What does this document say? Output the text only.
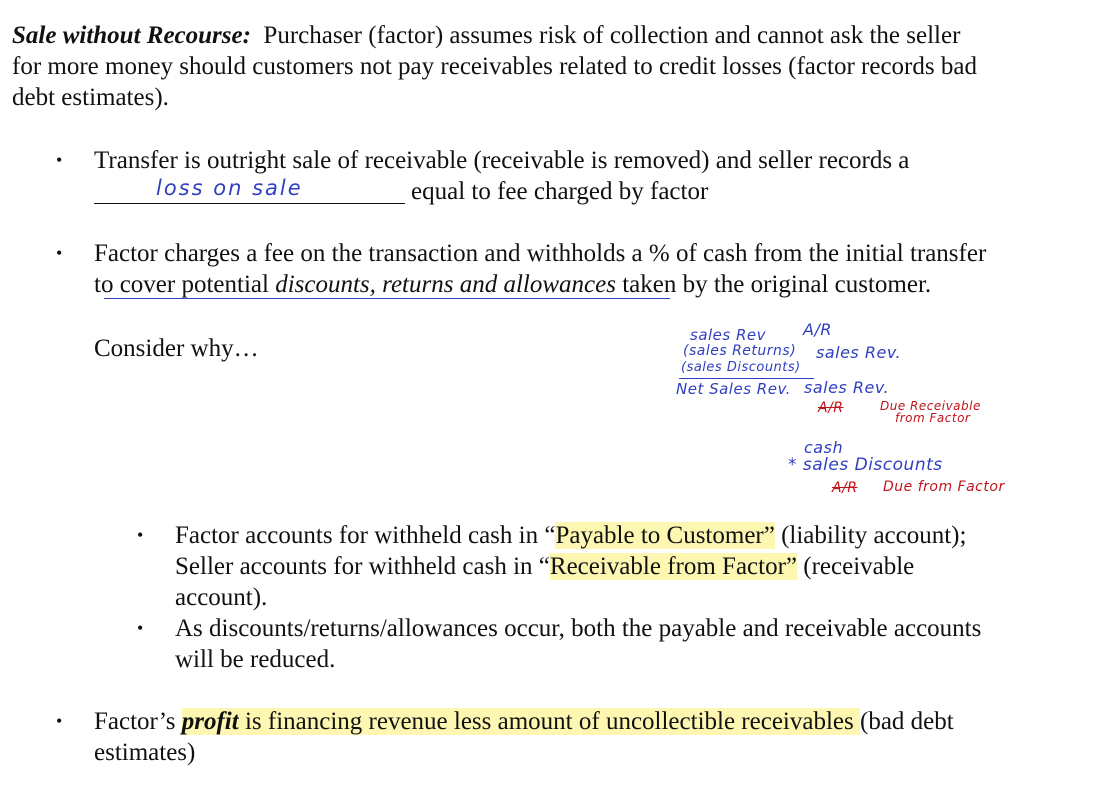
Sale without Recourse: Purchaser (factor) assumes risk of collection and cannot ask the seller
for more money should customers not pay receivables related to credit losses (factor records bad
debt estimates).
• Transfer is outright sale of receivable (receivable is removed) and seller records a
loss on sale	equal to fee charged by factor
• Factor charges a fee on the transaction and withholds a % of cash from the initial transfer
to cover potential discounts, returns and allowances taken by the original customer.
Consider why…	sales Rev
(sales Returns)
(sales Discounts)
Net Sales Rev.
A/R
sales Rev.
sales Rev.
A/R	Due Receivable
from Factor
cash
* sales Discounts
A/R Due from Factor
• Factor accounts for withheld cash in “Payable to Customer” (liability account);
Seller accounts for withheld cash in “Receivable from Factor” (receivable
account).
• As discounts/returns/allowances occur, both the payable and receivable accounts
will be reduced.
• Factor’s profit is financing revenue less amount of uncollectible receivables (bad debt
estimates)
